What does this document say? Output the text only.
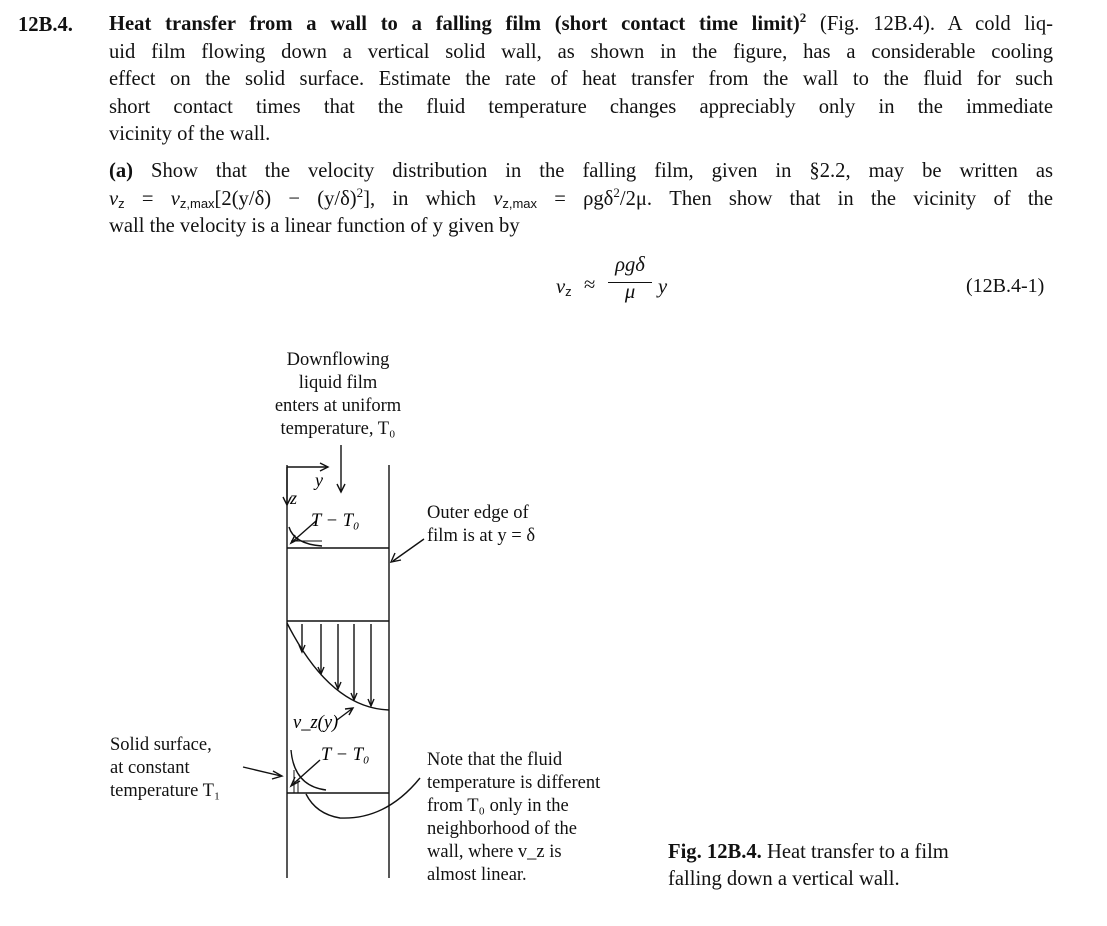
12B.4. Heat transfer from a wall to a falling film (short contact time limit)$^2$ (Fig. 12B.4). A cold liq-
uid film flowing down a vertical solid wall, as shown in the figure, has a considerable cooling
effect on the solid surface. Estimate the rate of heat transfer from the wall to the fluid for such
short contact times that the fluid temperature changes appreciably only in the immediate
vicinity of the wall.
(a) Show that the velocity distribution in the falling film, given in §2.2, may be written as
vz = $vz,\max[2(y/\delta) - (y/\delta)^2]$, in which vz,max = ρgδ$^2$/2μ. Then show that in the vicinity of the
wall the velocity is a linear function of y given by
vz ≈
ρgδ
μ	y	(12B.4-1)
Downflowing
liquid film
enters at uniform
temperature, T₀
Outer edge of
film is at y = δ
Solid surface,
at constant
temperature T₁
Note that the fluid
temperature is different
from T₀ only in the
neighborhood of the
wall, where v_z is
almost linear.
Fig. 12B.4. Heat transfer to a film
falling down a vertical wall.
y
z
T − T₀
v_z(y)
T − T₀
